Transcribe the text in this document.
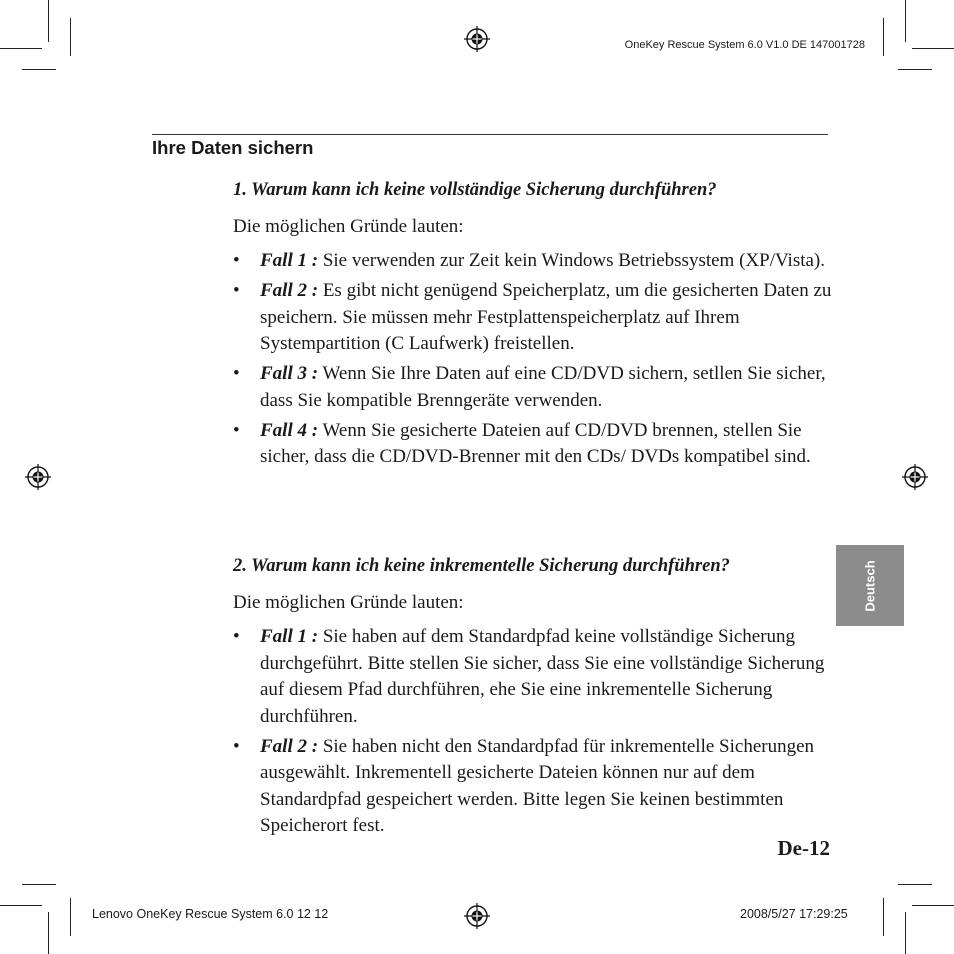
OneKey Rescue System 6.0 V1.0 DE 147001728
Ihre Daten sichern
1. Warum kann ich keine vollständige Sicherung durchführen?
Die möglichen Gründe lauten:
• Fall 1 : Sie verwenden zur Zeit kein Windows Betriebssystem (XP/Vista).
• Fall 2 : Es gibt nicht genügend Speicherplatz, um die gesicherten Daten zu speichern. Sie müssen mehr Festplattenspeicherplatz auf Ihrem Systempartition (C Laufwerk) freistellen.
• Fall 3 : Wenn Sie Ihre Daten auf eine CD/DVD sichern, setllen Sie sicher, dass Sie kompatible Brenngeräte verwenden.
• Fall 4 : Wenn Sie gesicherte Dateien auf CD/DVD brennen, stellen Sie sicher, dass die CD/DVD-Brenner mit den CDs/ DVDs kompatibel sind.
2. Warum kann ich keine inkrementelle Sicherung durchführen?
Die möglichen Gründe lauten:
• Fall 1 : Sie haben auf dem Standardpfad keine vollständige Sicherung durchgeführt. Bitte stellen Sie sicher, dass Sie eine vollständige Sicherung auf diesem Pfad durchführen, ehe Sie eine inkrementelle Sicherung durchführen.
• Fall 2 : Sie haben nicht den Standardpfad für inkrementelle Sicherungen ausgewählt. Inkrementell gesicherte Dateien können nur auf dem Standardpfad gespeichert werden. Bitte legen Sie keinen bestimmten Speicherort fest.
Deutsch
De-12
Lenovo OneKey Rescue System 6.0 12 12	2008/5/27 17:29:25
